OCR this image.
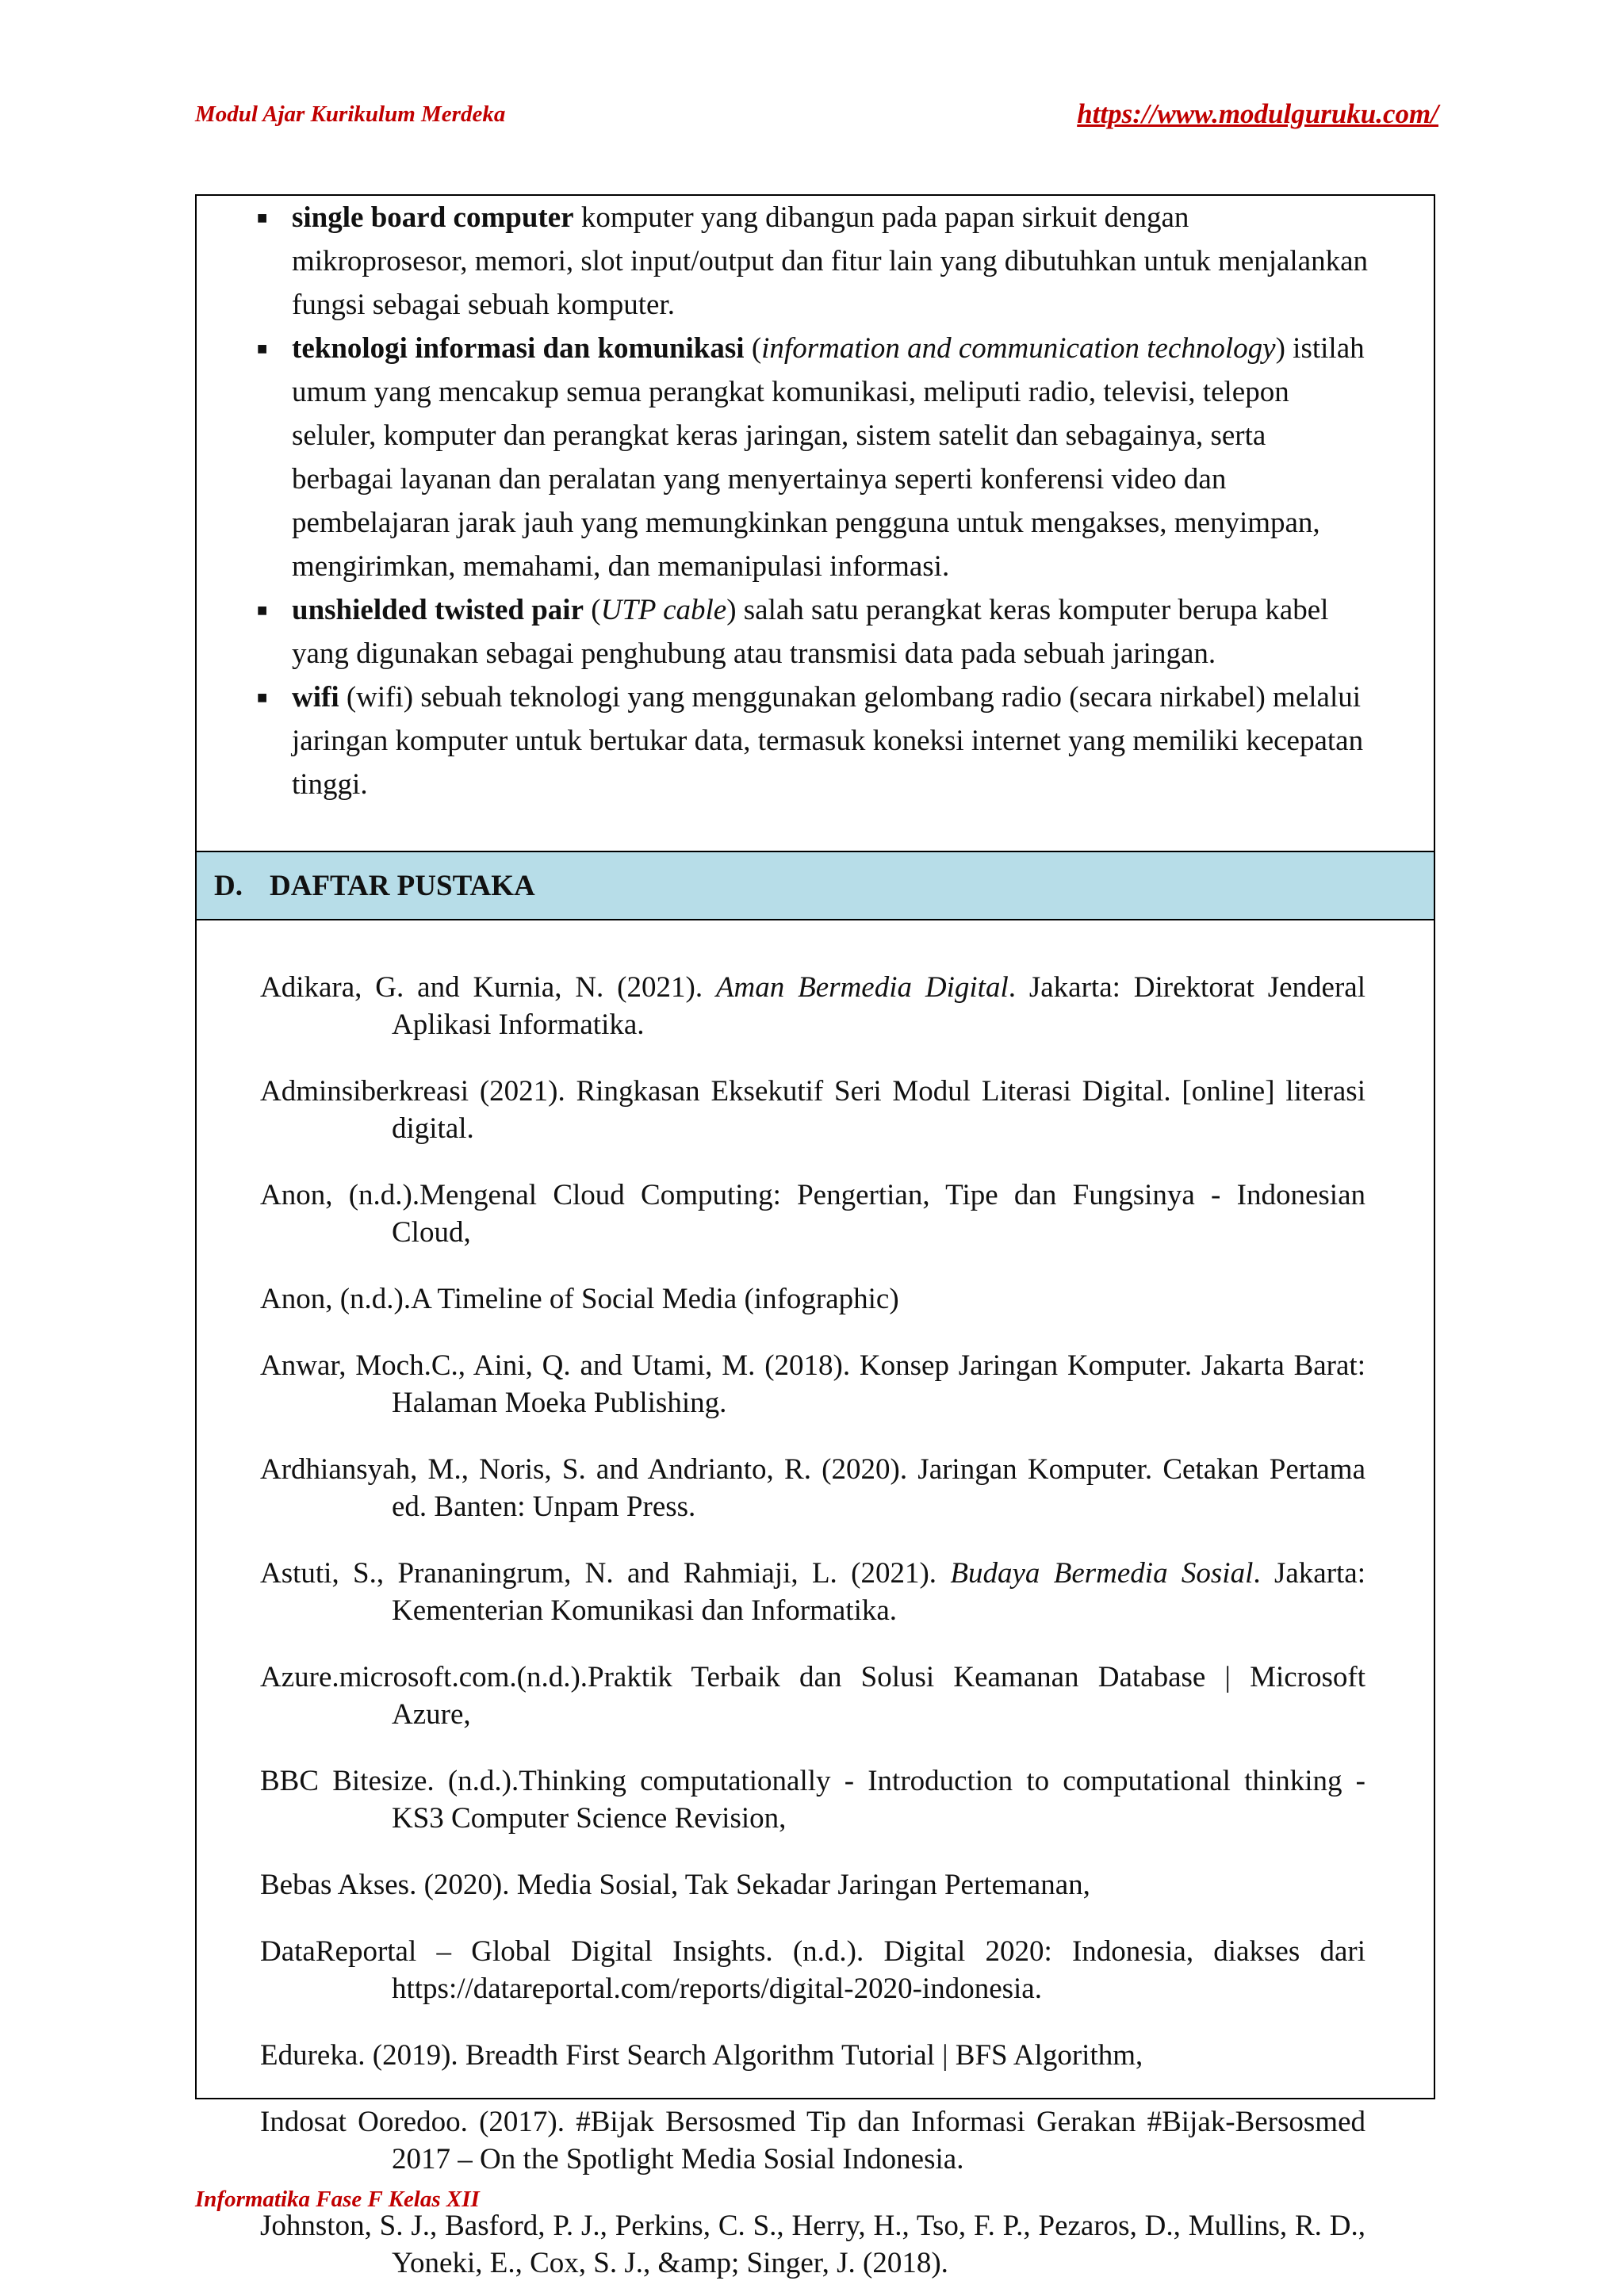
Modul Ajar Kurikulum Merdeka	https://www.modulguruku.com/
■ single board computer komputer yang dibangun pada papan sirkuit dengan mikroprosesor, memori, slot input/output dan fitur lain yang dibutuhkan untuk menjalankan fungsi sebagai sebuah komputer.
■ teknologi informasi dan komunikasi (information and communication technology) istilah umum yang mencakup semua perangkat komunikasi, meliputi radio, televisi, telepon seluler, komputer dan perangkat keras jaringan, sistem satelit dan sebagainya, serta berbagai layanan dan peralatan yang menyertainya seperti konferensi video dan pembelajaran jarak jauh yang memungkinkan pengguna untuk mengakses, menyimpan, mengirimkan, memahami, dan memanipulasi informasi.
■ unshielded twisted pair (UTP cable) salah satu perangkat keras komputer berupa kabel yang digunakan sebagai penghubung atau transmisi data pada sebuah jaringan.
■ wifi (wifi) sebuah teknologi yang menggunakan gelombang radio (secara nirkabel) melalui jaringan komputer untuk bertukar data, termasuk koneksi internet yang memiliki kecepatan tinggi.
D. DAFTAR PUSTAKA

Adikara, G. and Kurnia, N. (2021). Aman Bermedia Digital. Jakarta: Direktorat Jenderal Aplikasi Informatika.

Adminsiberkreasi (2021). Ringkasan Eksekutif Seri Modul Literasi Digital. [online] literasi digital.

Anon, (n.d.).Mengenal Cloud Computing: Pengertian, Tipe dan Fungsinya - Indonesian Cloud,

Anon, (n.d.).A Timeline of Social Media (infographic)

Anwar, Moch.C., Aini, Q. and Utami, M. (2018). Konsep Jaringan Komputer. Jakarta Barat: Halaman Moeka Publishing.

Ardhiansyah, M., Noris, S. and Andrianto, R. (2020). Jaringan Komputer. Cetakan Pertama ed. Banten: Unpam Press.

Astuti, S., Prananingrum, N. and Rahmiaji, L. (2021). Budaya Bermedia Sosial. Jakarta: Kementerian Komunikasi dan Informatika.

Azure.microsoft.com.(n.d.).Praktik Terbaik dan Solusi Keamanan Database | Microsoft Azure,

BBC Bitesize. (n.d.).Thinking computationally - Introduction to computational thinking - KS3 Computer Science Revision,

Bebas Akses. (2020). Media Sosial, Tak Sekadar Jaringan Pertemanan,

DataReportal – Global Digital Insights. (n.d.). Digital 2020: Indonesia, diakses dari https://datareportal.com/reports/digital-2020-indonesia.

Edureka. (2019). Breadth First Search Algorithm Tutorial | BFS Algorithm,

Indosat Ooredoo. (2017). #Bijak Bersosmed Tip dan Informasi Gerakan #Bijak-Bersosmed 2017 – On the Spotlight Media Sosial Indonesia.

Johnston, S. J., Basford, P. J., Perkins, C. S., Herry, H., Tso, F. P., Pezaros, D., Mullins, R. D., Yoneki, E., Cox, S. J., &amp; Singer, J. (2018).

Informatika Fase F Kelas XII
